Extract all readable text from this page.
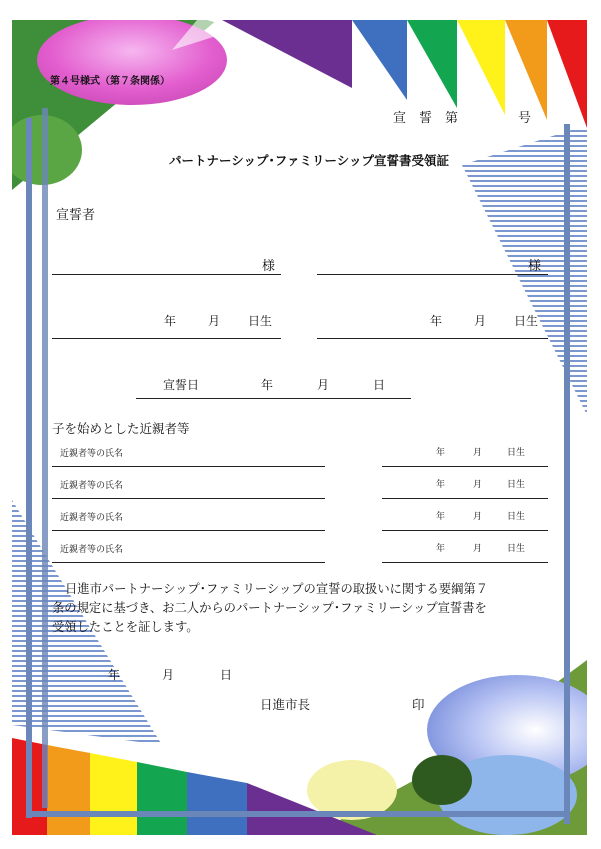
第４号様式（第７条関係）
宣　誓　第	号
パートナーシップ･ファミリーシップ宣誓書受領証
宣誓者
様	様
年	月 日生	年	月 日生
宣誓日	年	月	日
子を始めとした近親者等
近親者等の氏名	年	月	日生
近親者等の氏名	年	月	日生
近親者等の氏名	年	月	日生
近親者等の氏名	年	月	日生
日進市パートナーシップ･ファミリーシップの宣誓の取扱いに関する要綱第７
条の規定に基づき、お二人からのパートナーシップ･ファミリーシップ宣誓書を
受領したことを証します。
年	月	日
日進市長	印
